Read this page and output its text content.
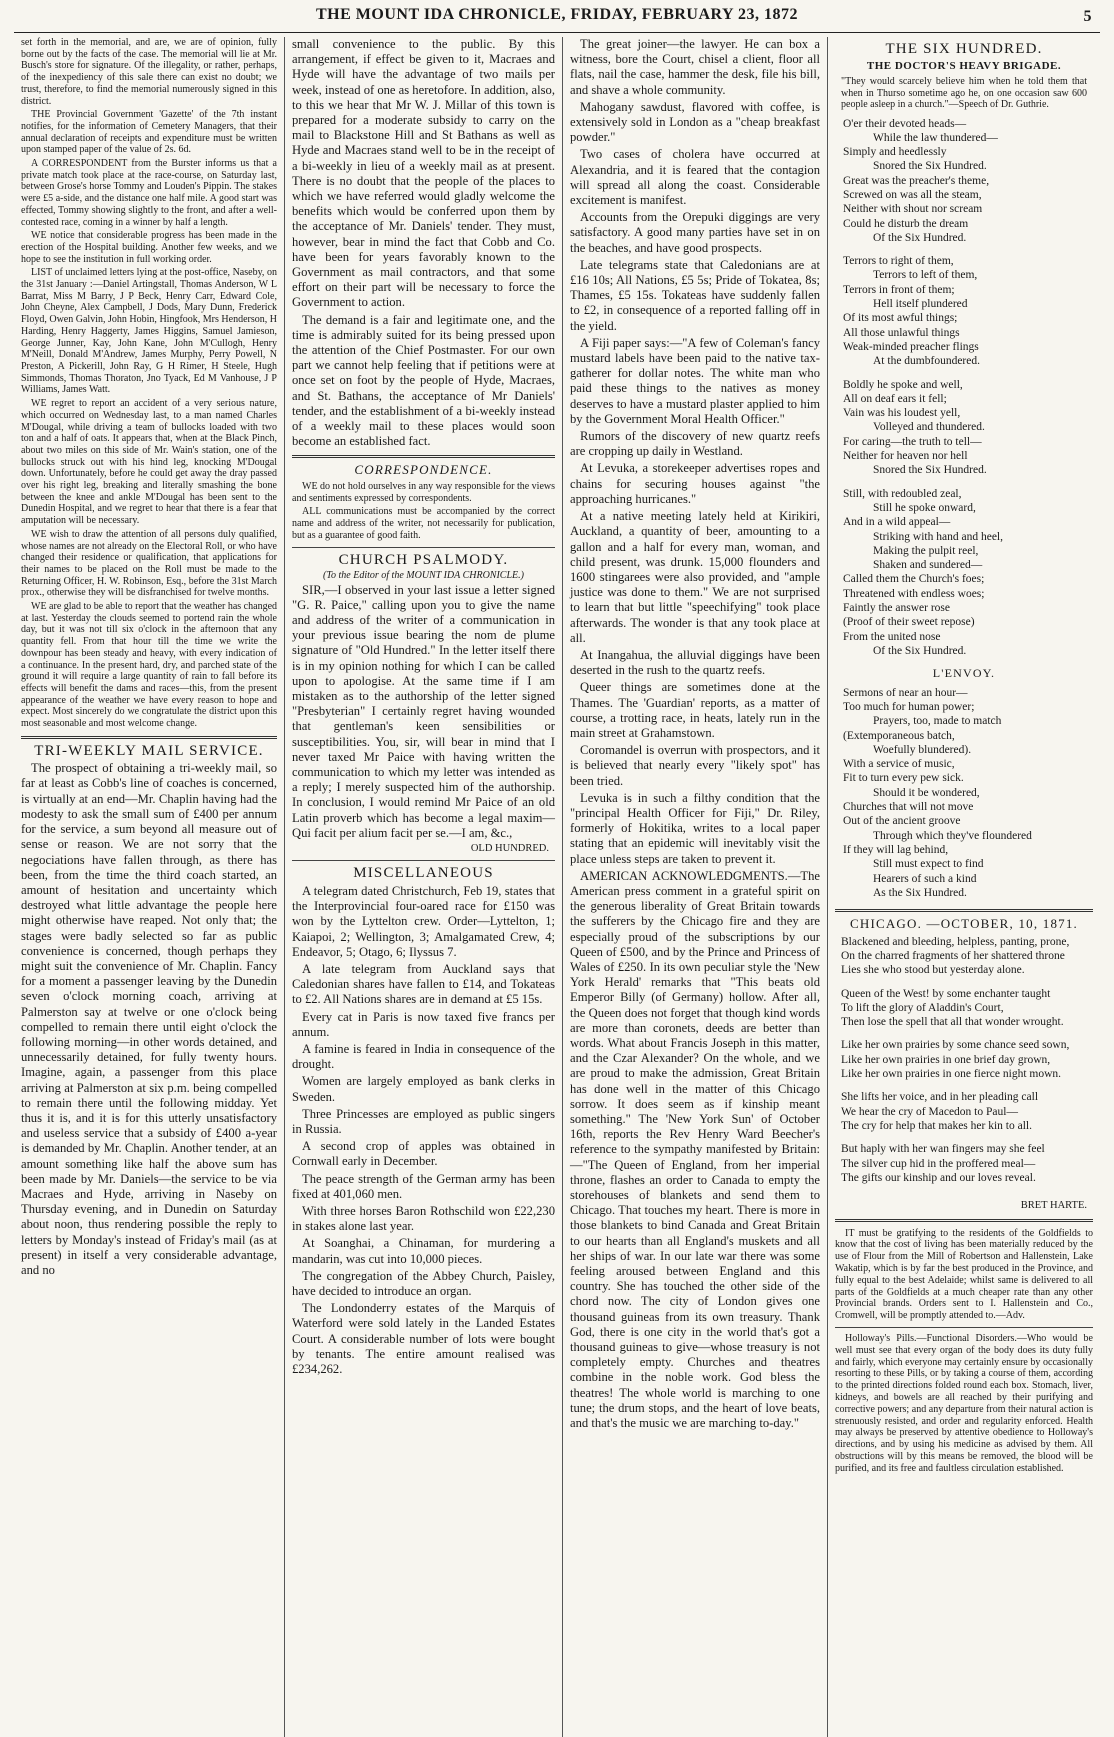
THE MOUNT IDA CHRONICLE, FRIDAY, FEBRUARY 23, 1872	5

set forth in the memorial, and are, we are of opinion, fully borne out by the facts of the case. The memorial will lie at Mr. Busch's store for signature. Of the illegality, or rather, perhaps, of the inexpediency of this sale there can exist no doubt; we trust, therefore, to find the memorial numerously signed in this district.

THE Provincial Government 'Gazette' of the 7th instant notifies, for the information of Cemetery Managers, that their annual declaration of receipts and expenditure must be written upon stamped paper of the value of 2s. 6d.

A CORRESPONDENT from the Burster informs us that a private match took place at the race-course, on Saturday last, between Grose's horse Tommy and Louden's Pippin. The stakes were £5 a-side, and the distance one half mile. A good start was effected, Tommy showing slightly to the front, and after a well-contested race, coming in a winner by half a length.

WE notice that considerable progress has been made in the erection of the Hospital building. Another few weeks, and we hope to see the institution in full working order.

LIST of unclaimed letters lying at the post-office, Naseby, on the 31st January :—Daniel Artingstall, Thomas Anderson, W L Barrat, Miss M Barry, J P Beck, Henry Carr, Edward Cole, John Cheyne, Alex Campbell, J Dods, Mary Dunn, Frederick Floyd, Owen Galvin, John Hobin, Hingfook, Mrs Henderson, H Harding, Henry Haggerty, James Higgins, Samuel Jamieson, George Junner, Kay, John Kane, John M'Cullogh, Henry M'Neill, Donald M'Andrew, James Murphy, Perry Powell, N Preston, A Pickerill, John Ray, G H Rimer, H Steele, Hugh Simmonds, Thomas Thoraton, Jno Tyack, Ed M Vanhouse, J P Williams, James Watt.

WE regret to report an accident of a very serious nature, which occurred on Wednesday last, to a man named Charles M'Dougal, while driving a team of bullocks loaded with two ton and a half of oats. It appears that, when at the Black Pinch, about two miles on this side of Mr. Wain's station, one of the bullocks struck out with his hind leg, knocking M'Dougal down. Unfortunately, before he could get away the dray passed over his right leg, breaking and literally smashing the bone between the knee and ankle M'Dougal has been sent to the Dunedin Hospital, and we regret to hear that there is a fear that amputation will be necessary.

WE wish to draw the attention of all persons duly qualified, whose names are not already on the Electoral Roll, or who have changed their residence or qualification, that applications for their names to be placed on the Roll must be made to the Returning Officer, H. W. Robinson, Esq., before the 31st March prox., otherwise they will be disfranchised for twelve months.

WE are glad to be able to report that the weather has changed at last. Yesterday the clouds seemed to portend rain the whole day, but it was not till six o'clock in the afternoon that any quantity fell. From that hour till the time we write the downpour has been steady and heavy, with every indication of a continuance. In the present hard, dry, and parched state of the ground it will require a large quantity of rain to fall before its effects will benefit the dams and races—this, from the present appearance of the weather we have every reason to hope and expect. Most sincerely do we congratulate the district upon this most seasonable and most welcome change.

TRI-WEEKLY MAIL SERVICE.

The prospect of obtaining a tri-weekly mail, so far at least as Cobb's line of coaches is concerned, is virtually at an end—Mr. Chaplin having had the modesty to ask the small sum of £400 per annum for the service, a sum beyond all measure out of sense or reason. We are not sorry that the negociations have fallen through, as there has been, from the time the third coach started, an amount of hesitation and uncertainty which destroyed what little advantage the people here might otherwise have reaped. Not only that; the stages were badly selected so far as public convenience is concerned, though perhaps they might suit the convenience of Mr. Chaplin. Fancy for a moment a passenger leaving by the Dunedin seven o'clock morning coach, arriving at Palmerston say at twelve or one o'clock being compelled to remain there until eight o'clock the following morning—in other words detained, and unnecessarily detained, for fully twenty hours. Imagine, again, a passenger from this place arriving at Palmerston at six p.m. being compelled to remain there until the following midday. Yet thus it is, and it is for this utterly unsatisfactory and useless service that a subsidy of £400 a-year is demanded by Mr. Chaplin. Another tender, at an amount something like half the above sum has been made by Mr. Daniels—the service to be via Macraes and Hyde, arriving in Naseby on Thursday evening, and in Dunedin on Saturday about noon, thus rendering possible the reply to letters by Monday's instead of Friday's mail (as at present) in itself a very considerable advantage, and no

small convenience to the public. By this arrangement, if effect be given to it, Macraes and Hyde will have the advantage of two mails per week, instead of one as heretofore. In addition, also, to this we hear that Mr W. J. Millar of this town is prepared for a moderate subsidy to carry on the mail to Blackstone Hill and St Bathans as well as Hyde and Macraes stand well to be in the receipt of a bi-weekly in lieu of a weekly mail as at present. There is no doubt that the people of the places to which we have referred would gladly welcome the benefits which would be conferred upon them by the acceptance of Mr. Daniels' tender. They must, however, bear in mind the fact that Cobb and Co. have been for years favorably known to the Government as mail contractors, and that some effort on their part will be necessary to force the Government to action.

The demand is a fair and legitimate one, and the time is admirably suited for its being pressed upon the attention of the Chief Postmaster. For our own part we cannot help feeling that if petitions were at once set on foot by the people of Hyde, Macraes, and St. Bathans, the acceptance of Mr Daniels' tender, and the establishment of a bi-weekly instead of a weekly mail to these places would soon become an established fact.

CORRESPONDENCE.

WE do not hold ourselves in any way responsible for the views and sentiments expressed by correspondents.

ALL communications must be accompanied by the correct name and address of the writer, not necessarily for publication, but as a guarantee of good faith.

CHURCH PSALMODY.
(To the Editor of the MOUNT IDA CHRONICLE.)

SIR,—I observed in your last issue a letter signed "G. R. Paice," calling upon you to give the name and address of the writer of a communication in your previous issue bearing the nom de plume signature of "Old Hundred." In the letter itself there is in my opinion nothing for which I can be called upon to apologise. At the same time if I am mistaken as to the authorship of the letter signed "Presbyterian" I certainly regret having wounded that gentleman's keen sensibilities or susceptibilities. You, sir, will bear in mind that I never taxed Mr Paice with having written the communication to which my letter was intended as a reply; I merely suspected him of the authorship. In conclusion, I would remind Mr Paice of an old Latin proverb which has become a legal maxim—Qui facit per alium facit per se.—I am, &c.,

OLD HUNDRED.
MISCELLANEOUS

A telegram dated Christchurch, Feb 19, states that the Interprovincial four-oared race for £150 was won by the Lyttelton crew. Order—Lyttelton, 1; Kaiapoi, 2; Wellington, 3; Amalgamated Crew, 4; Endeavor, 5; Otago, 6; Ilyssus 7.

A late telegram from Auckland says that Caledonian shares have fallen to £14, and Tokateas to £2. All Nations shares are in demand at £5 15s.

Every cat in Paris is now taxed five francs per annum.

A famine is feared in India in consequence of the drought.

Women are largely employed as bank clerks in Sweden.

Three Princesses are employed as public singers in Russia.

A second crop of apples was obtained in Cornwall early in December.

The peace strength of the German army has been fixed at 401,060 men.

With three horses Baron Rothschild won £22,230 in stakes alone last year.

At Soanghai, a Chinaman, for murdering a mandarin, was cut into 10,000 pieces.

The congregation of the Abbey Church, Paisley, have decided to introduce an organ.

The Londonderry estates of the Marquis of Waterford were sold lately in the Landed Estates Court. A considerable number of lots were bought by tenants. The entire amount realised was £234,262.

The great joiner—the lawyer. He can box a witness, bore the Court, chisel a client, floor all flats, nail the case, hammer the desk, file his bill, and shave a whole community.

Mahogany sawdust, flavored with coffee, is extensively sold in London as a "cheap breakfast powder."

Two cases of cholera have occurred at Alexandria, and it is feared that the contagion will spread all along the coast. Considerable excitement is manifest.

Accounts from the Orepuki diggings are very satisfactory. A good many parties have set in on the beaches, and have good prospects.

Late telegrams state that Caledonians are at £16 10s; All Nations, £5 5s; Pride of Tokatea, 8s; Thames, £5 15s. Tokateas have suddenly fallen to £2, in consequence of a reported falling off in the yield.

A Fiji paper says:—"A few of Coleman's fancy mustard labels have been paid to the native tax-gatherer for dollar notes. The white man who paid these things to the natives as money deserves to have a mustard plaster applied to him by the Government Moral Health Officer."

Rumors of the discovery of new quartz reefs are cropping up daily in Westland.

At Levuka, a storekeeper advertises ropes and chains for securing houses against "the approaching hurricanes."

At a native meeting lately held at Kirikiri, Auckland, a quantity of beer, amounting to a gallon and a half for every man, woman, and child present, was drunk. 15,000 flounders and 1600 stingarees were also provided, and "ample justice was done to them." We are not surprised to learn that but little "speechifying" took place afterwards. The wonder is that any took place at all.

At Inangahua, the alluvial diggings have been deserted in the rush to the quartz reefs.

Queer things are sometimes done at the Thames. The 'Guardian' reports, as a matter of course, a trotting race, in heats, lately run in the main street at Grahamstown.

Coromandel is overrun with prospectors, and it is believed that nearly every "likely spot" has been tried.

Levuka is in such a filthy condition that the "principal Health Officer for Fiji," Dr. Riley, formerly of Hokitika, writes to a local paper stating that an epidemic will inevitably visit the place unless steps are taken to prevent it.

AMERICAN ACKNOWLEDGMENTS.—The American press comment in a grateful spirit on the generous liberality of Great Britain towards the sufferers by the Chicago fire and they are especially proud of the subscriptions by our Queen of £500, and by the Prince and Princess of Wales of £250. In its own peculiar style the 'New York Herald' remarks that "This beats old Emperor Billy (of Germany) hollow. After all, the Queen does not forget that though kind words are more than coronets, deeds are better than words. What about Francis Joseph in this matter, and the Czar Alexander? On the whole, and we are proud to make the admission, Great Britain has done well in the matter of this Chicago sorrow. It does seem as if kinship meant something." The 'New York Sun' of October 16th, reports the Rev Henry Ward Beecher's reference to the sympathy manifested by Britain:—"The Queen of England, from her imperial throne, flashes an order to Canada to empty the storehouses of blankets and send them to Chicago. That touches my heart. There is more in those blankets to bind Canada and Great Britain to our hearts than all England's muskets and all her ships of war. In our late war there was some feeling aroused between England and this country. She has touched the other side of the chord now. The city of London gives one thousand guineas from its own treasury. Thank God, there is one city in the world that's got a thousand guineas to give—whose treasury is not completely empty. Churches and theatres combine in the noble work. God bless the theatres! The whole world is marching to one tune; the drum stops, and the heart of love beats, and that's the music we are marching to-day."

THE SIX HUNDRED.
THE DOCTOR'S HEAVY BRIGADE.
"They would scarcely believe him when he told them that when in Thurso sometime ago he, on one occasion saw 600 people asleep in a church."—Speech of Dr. Guthrie.
O'er their devoted heads—
While the law thundered—
Simply and heedlessly
Snored the Six Hundred.
Great was the preacher's theme,
Screwed on was all the steam,
Neither with shout nor scream
Could he disturb the dream
Of the Six Hundred.
Terrors to right of them,
Terrors to left of them,
Terrors in front of them;
Hell itself plundered
Of its most awful things;
All those unlawful things
Weak-minded preacher flings
At the dumbfoundered.
Boldly he spoke and well,
All on deaf ears it fell;
Vain was his loudest yell,
Volleyed and thundered.
For caring—the truth to tell—
Neither for heaven nor hell
Snored the Six Hundred.
Still, with redoubled zeal,
Still he spoke onward,
And in a wild appeal—
Striking with hand and heel,
Making the pulpit reel,
Shaken and sundered—
Called them the Church's foes;
Threatened with endless woes;
Faintly the answer rose
(Proof of their sweet repose)
From the united nose
Of the Six Hundred.
L'ENVOY.
Sermons of near an hour—
Too much for human power;
Prayers, too, made to match
(Extemporaneous batch,
Woefully blundered).
With a service of music,
Fit to turn every pew sick.
Should it be wondered,
Churches that will not move
Out of the ancient groove
Through which they've floundered
If they will lag behind,
Still must expect to find
Hearers of such a kind
As the Six Hundred.
CHICAGO. —OCTOBER, 10, 1871.
Blackened and bleeding, helpless, panting, prone,
On the charred fragments of her shattered throne
Lies she who stood but yesterday alone.
Queen of the West! by some enchanter taught
To lift the glory of Aladdin's Court,
Then lose the spell that all that wonder wrought.
Like her own prairies by some chance seed sown,
Like her own prairies in one brief day grown,
Like her own prairies in one fierce night mown.
She lifts her voice, and in her pleading call
We hear the cry of Macedon to Paul—
The cry for help that makes her kin to all.
But haply with her wan fingers may she feel
The silver cup hid in the proffered meal—
The gifts our kinship and our loves reveal.
BRET HARTE.

IT must be gratifying to the residents of the Goldfields to know that the cost of living has been materially reduced by the use of Flour from the Mill of Robertson and Hallenstein, Lake Wakatip, which is by far the best produced in the Province, and fully equal to the best Adelaide; whilst same is delivered to all parts of the Goldfields at a much cheaper rate than any other Provincial brands. Orders sent to I. Hallenstein and Co., Cromwell, will be promptly attended to.—Adv.

Holloway's Pills.—Functional Disorders.—Who would be well must see that every organ of the body does its duty fully and fairly, which everyone may certainly ensure by occasionally resorting to these Pills, or by taking a course of them, according to the printed directions folded round each box. Stomach, liver, kidneys, and bowels are all reached by their purifying and corrective powers; and any departure from their natural action is strenuously resisted, and order and regularity enforced. Health may always be preserved by attentive obedience to Holloway's directions, and by using his medicine as advised by them. All obstructions will by this means be removed, the blood will be purified, and its free and faultless circulation established.
